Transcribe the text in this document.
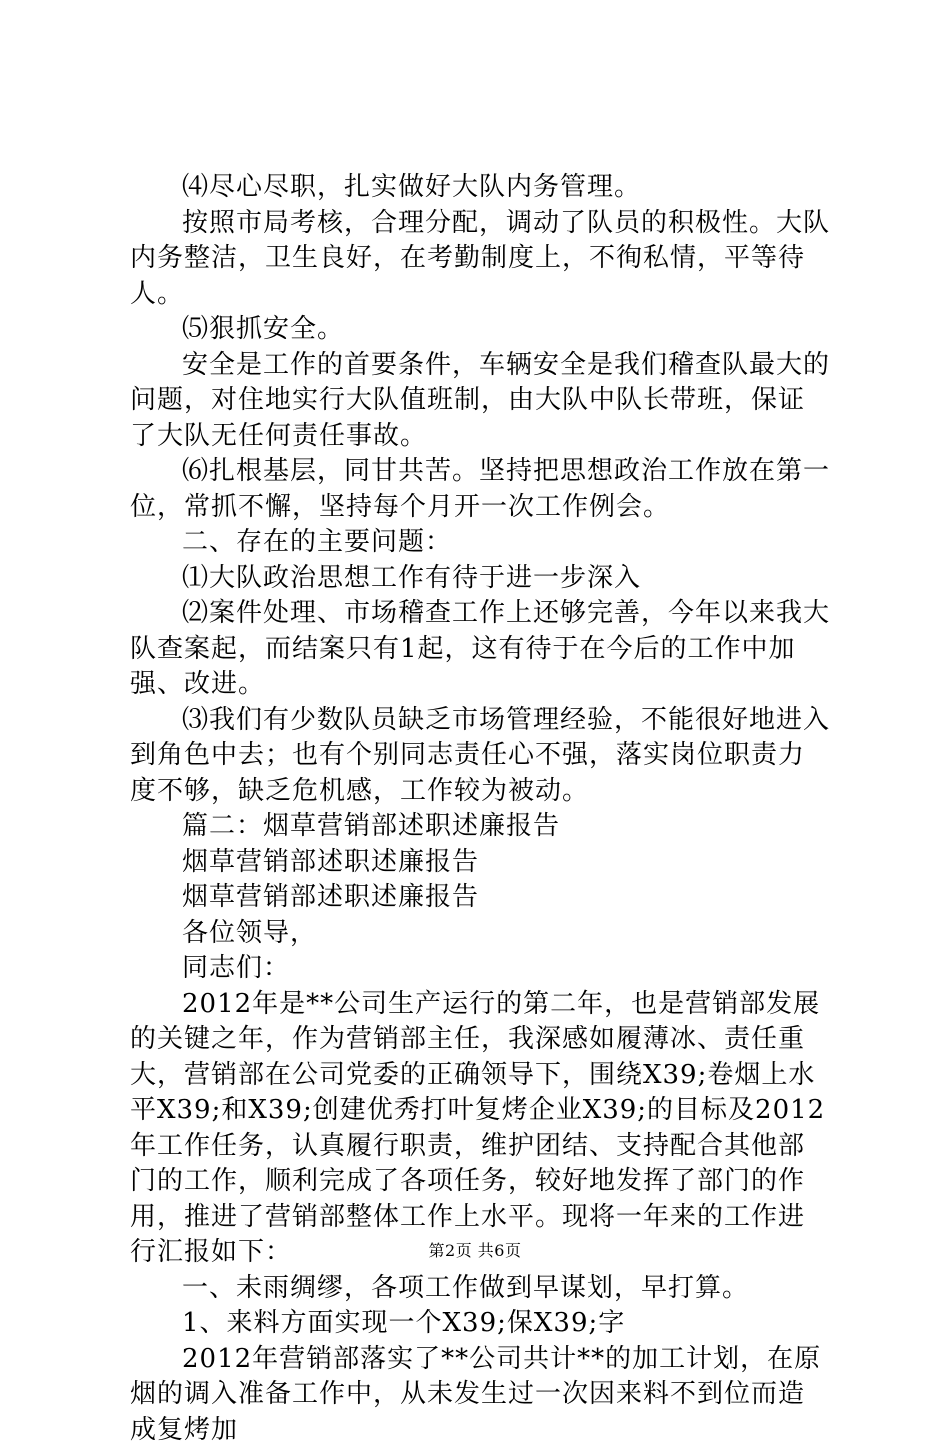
⑷尽心尽职，扎实做好大队内务管理。

按照市局考核，合理分配，调动了队员的积极性。大队内务整洁，卫生良好，在考勤制度上，不徇私情，平等待人。

⑸狠抓安全。

安全是工作的首要条件，车辆安全是我们稽查队最大的问题，对住地实行大队值班制，由大队中队长带班，保证了大队无任何责任事故。

⑹扎根基层，同甘共苦。坚持把思想政治工作放在第一位，常抓不懈，坚持每个月开一次工作例会。

二、存在的主要问题：

⑴大队政治思想工作有待于进一步深入

⑵案件处理、市场稽查工作上还够完善，今年以来我大队查案起，而结案只有1起，这有待于在今后的工作中加强、改进。

⑶我们有少数队员缺乏市场管理经验，不能很好地进入到角色中去；也有个别同志责任心不强，落实岗位职责力度不够，缺乏危机感，工作较为被动。

篇二：烟草营销部述职述廉报告

烟草营销部述职述廉报告

烟草营销部述职述廉报告

各位领导，

同志们：

2012年是**公司生产运行的第二年，也是营销部发展的关键之年，作为营销部主任，我深感如履薄冰、责任重大，营销部在公司党委的正确领导下，围绕X39;卷烟上水平X39;和X39;创建优秀打叶复烤企业X39;的目标及2012年工作任务，认真履行职责，维护团结、支持配合其他部门的工作，顺利完成了各项任务，较好地发挥了部门的作用，推进了营销部整体工作上水平。现将一年来的工作进行汇报如下：

一、未雨绸缪，各项工作做到早谋划，早打算。

1、来料方面实现一个X39;保X39;字

2012年营销部落实了**公司共计**的加工计划，在原烟的调入准备工作中，从未发生过一次因来料不到位而造成复烤加

第2页 共6页
